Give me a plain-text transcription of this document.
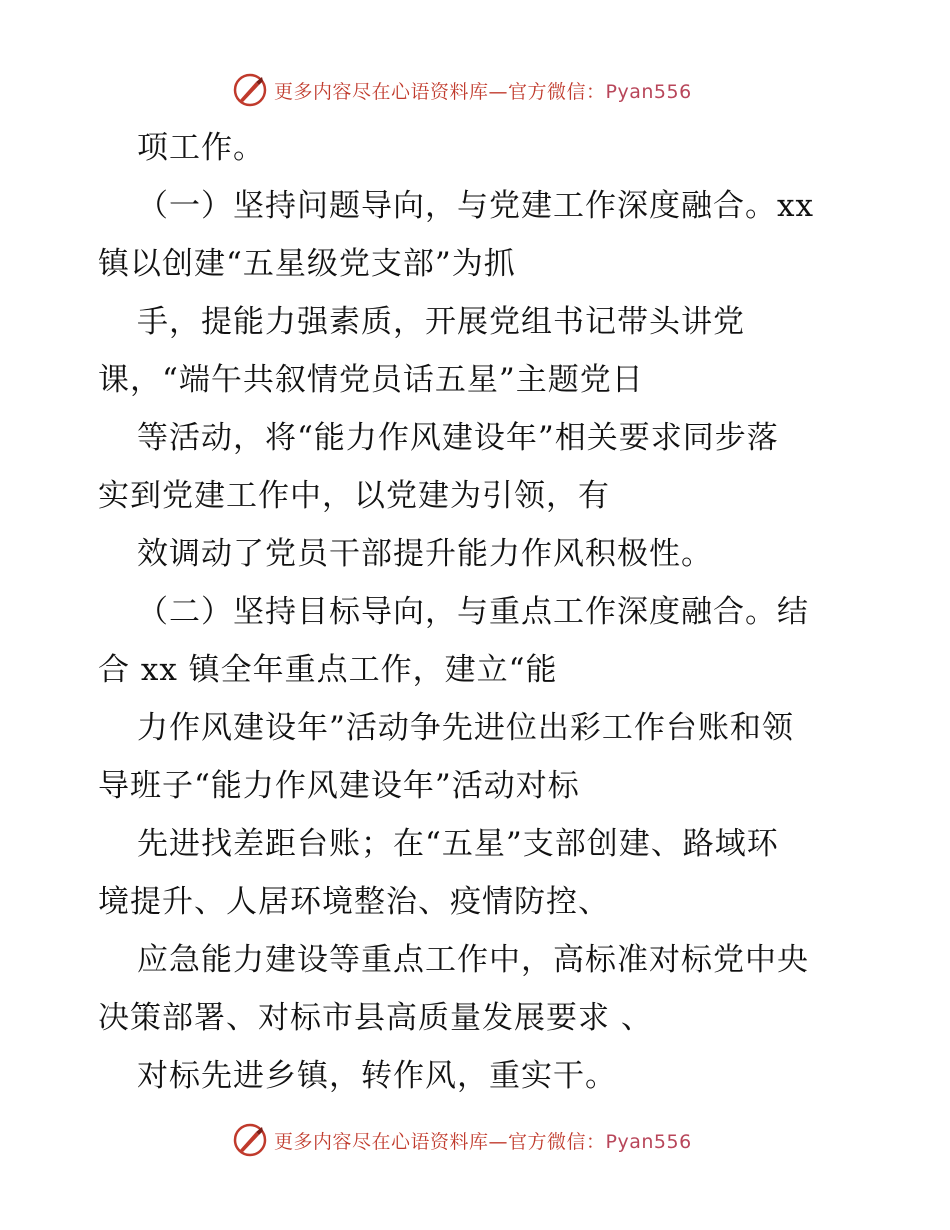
更多内容尽在心语资料库—官方微信：Pyan556
项工作。
（一）坚持问题导向，与党建工作深度融合。xx
镇以创建“五星级党支部”为抓
手，提能力强素质，开展党组书记带头讲党
课，“端午共叙情党员话五星”主题党日
等活动，将“能力作风建设年”相关要求同步落
实到党建工作中，以党建为引领，有
效调动了党员干部提升能力作风积极性。
（二）坚持目标导向，与重点工作深度融合。结
合 xx 镇全年重点工作，建立“能
力作风建设年”活动争先进位出彩工作台账和领
导班子“能力作风建设年”活动对标
先进找差距台账；在“五星”支部创建、路域环
境提升、人居环境整治、疫情防控、
应急能力建设等重点工作中，高标准对标党中央
决策部署、对标市县高质量发展要求 、
对标先进乡镇，转作风，重实干。
更多内容尽在心语资料库—官方微信：Pyan556
